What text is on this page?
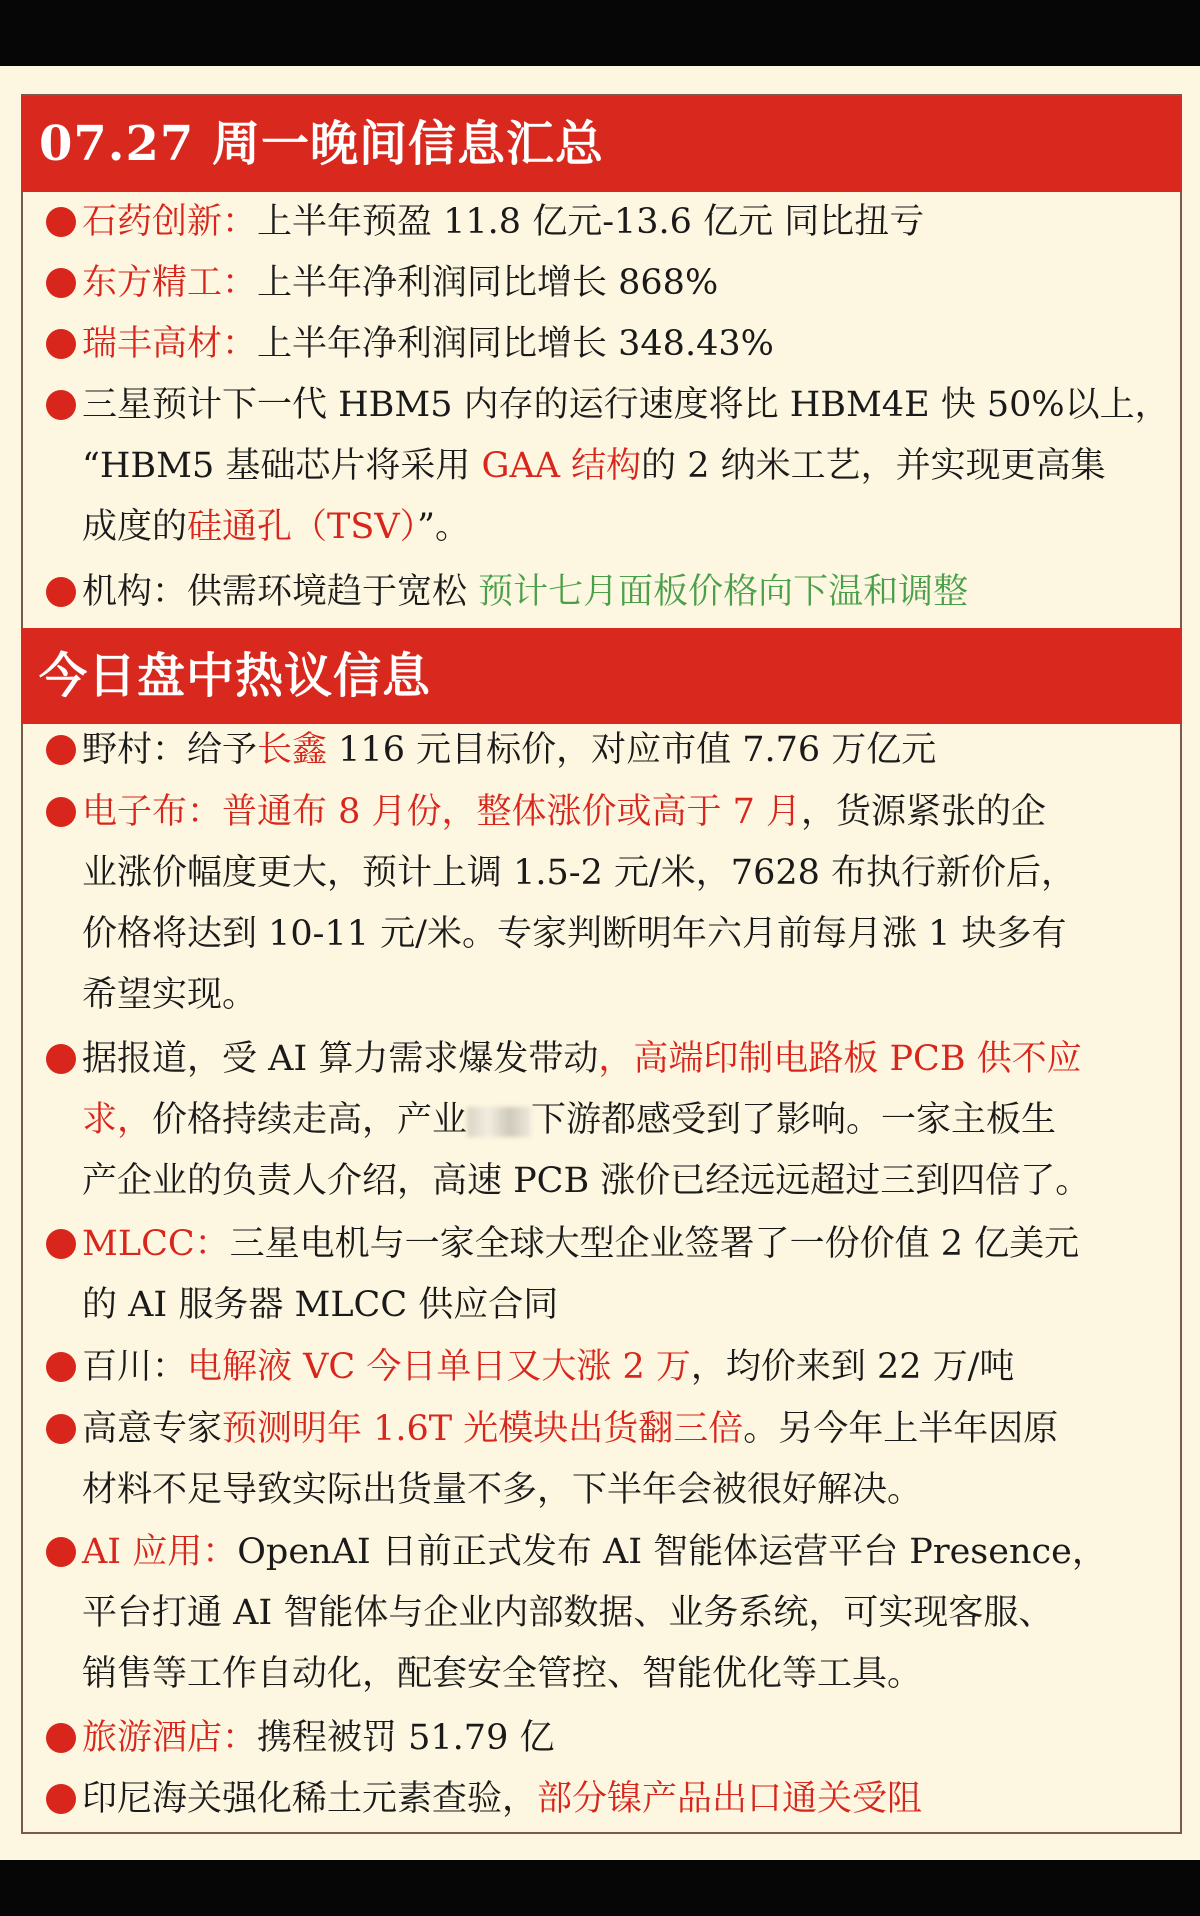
07.27 周一晚间信息汇总
石药创新：上半年预盈 11.8 亿元-13.6 亿元 同比扭亏
东方精工：上半年净利润同比增长 868%
瑞丰高材：上半年净利润同比增长 348.43%
三星预计下一代 HBM5 内存的运行速度将比 HBM4E 快 50%以上，
“HBM5 基础芯片将采用 GAA 结构的 2 纳米工艺，并实现更高集
成度的硅通孔（TSV）”。
机构：供需环境趋于宽松 预计七月面板价格向下温和调整
今日盘中热议信息
野村：给予长鑫 116 元目标价，对应市值 7.76 万亿元
电子布：普通布 8 月份，整体涨价或高于 7 月，货源紧张的企
业涨价幅度更大，预计上调 1.5-2 元/米，7628 布执行新价后，
价格将达到 10-11 元/米。专家判断明年六月前每月涨 1 块多有
希望实现。
据报道，受 AI 算力需求爆发带动，高端印制电路板 PCB 供不应
求，价格持续走高，产业 下游都感受到了影响。一家主板生
产企业的负责人介绍，高速 PCB 涨价已经远远超过三到四倍了。
MLCC：三星电机与一家全球大型企业签署了一份价值 2 亿美元
的 AI 服务器 MLCC 供应合同
百川：电解液 VC 今日单日又大涨 2 万，均价来到 22 万/吨
高意专家预测明年 1.6T 光模块出货翻三倍。另今年上半年因原
材料不足导致实际出货量不多，下半年会被很好解决。
AI 应用：OpenAI 日前正式发布 AI 智能体运营平台 Presence，
平台打通 AI 智能体与企业内部数据、业务系统，可实现客服、
销售等工作自动化，配套安全管控、智能优化等工具。
旅游酒店：携程被罚 51.79 亿
印尼海关强化稀土元素查验，部分镍产品出口通关受阻
